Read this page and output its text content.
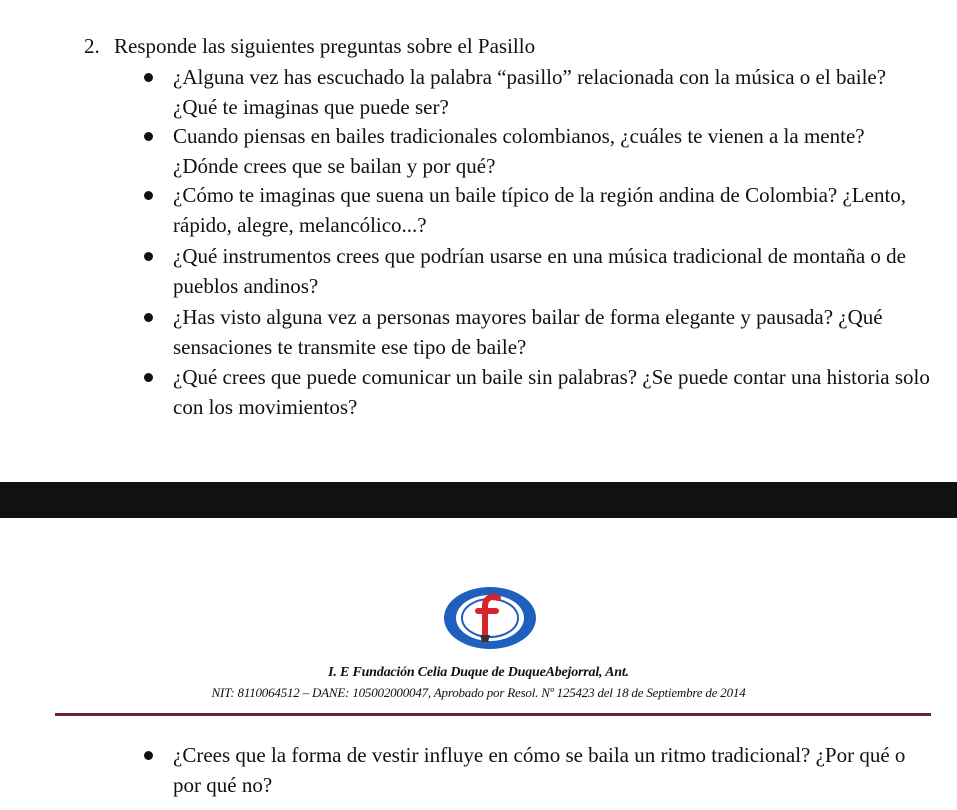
2. Responde las siguientes preguntas sobre el Pasillo
¿Alguna vez has escuchado la palabra “pasillo” relacionada con la música o el baile? ¿Qué te imaginas que puede ser?
Cuando piensas en bailes tradicionales colombianos, ¿cuáles te vienen a la mente? ¿Dónde crees que se bailan y por qué?
¿Cómo te imaginas que suena un baile típico de la región andina de Colombia? ¿Lento, rápido, alegre, melancólico...?
¿Qué instrumentos crees que podrían usarse en una música tradicional de montaña o de pueblos andinos?
¿Has visto alguna vez a personas mayores bailar de forma elegante y pausada? ¿Qué sensaciones te transmite ese tipo de baile?
¿Qué crees que puede comunicar un baile sin palabras? ¿Se puede contar una historia solo con los movimientos?
I. E Fundación Celia Duque de DuqueAbejorral, Ant.
NIT: 8110064512 – DANE: 105002000047, Aprobado por Resol. Nº 125423 del 18 de Septiembre de 2014
¿Crees que la forma de vestir influye en cómo se baila un ritmo tradicional? ¿Por qué o por qué no?
